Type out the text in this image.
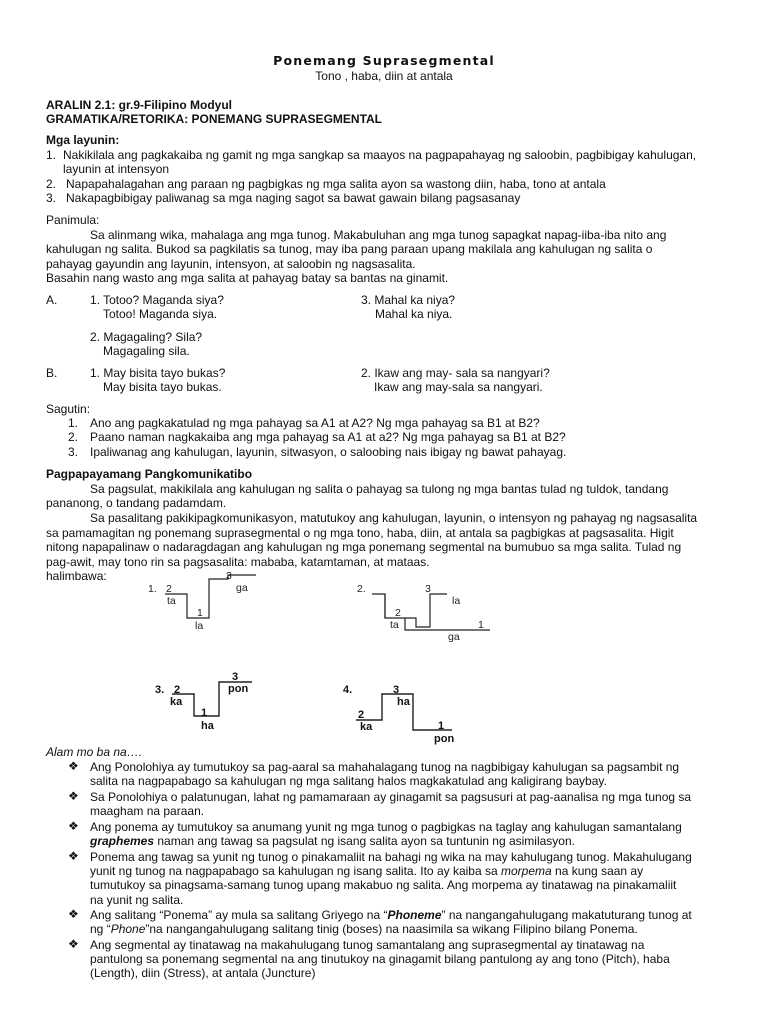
Ponemang Suprasegmental
Tono , haba, diin at antala
ARALIN 2.1: gr.9-Filipino Modyul
GRAMATIKA/RETORIKA: PONEMANG SUPRASEGMENTAL
Mga layunin:
1. Nakikilala ang pagkakaiba ng gamit ng mga sangkap sa maayos na pagpapahayag ng saloobin, pagbibigay kahulugan,
layunin at intensyon
2. Napapahalagahan ang paraan ng pagbigkas ng mga salita ayon sa wastong diin, haba, tono at antala
3. Nakapagbibigay paliwanag sa mga naging sagot sa bawat gawain bilang pagsasanay
Panimula:
Sa alinmang wika, mahalaga ang mga tunog. Makabuluhan ang mga tunog sapagkat napag-iiba-iba nito ang
kahulugan ng salita. Bukod sa pagkilatis sa tunog, may iba pang paraan upang makilala ang kahulugan ng salita o
pahayag gayundin ang layunin, intensyon, at saloobin ng nagsasalita.
Basahin nang wasto ang mga salita at pahayag batay sa bantas na ginamit.
A.	1. Totoo? Maganda siya?
Totoo! Maganda siya.
3. Mahal ka niya?
Mahal ka niya.
2. Magagaling? Sila?
Magagaling sila.
B.	1. May bisita tayo bukas?
May bisita tayo bukas.
2. Ikaw ang may- sala sa nangyari?
Ikaw ang may-sala sa nangyari.
Sagutin:
1. Ano ang pagkakatulad ng mga pahayag sa A1 at A2? Ng mga pahayag sa B1 at B2?
2. Paano naman nagkakaiba ang mga pahayag sa A1 at a2? Ng mga pahayag sa B1 at B2?
3. Ipaliwanag ang kahulugan, layunin, sitwasyon, o saloobing nais ibigay ng bawat pahayag.
Pagpapayamang Pangkomunikatibo
Sa pagsulat, makikilala ang kahulugan ng salita o pahayag sa tulong ng mga bantas tulad ng tuldok, tandang
pananong, o tandang padamdam.
Sa pasalitang pakikipagkomunikasyon, matutukoy ang kahulugan, layunin, o intensyon ng pahayag ng nagsasalita
sa pamamagitan ng ponemang suprasegmental o ng mga tono, haba, diin, at antala sa pagbigkas at pagsasalita. Higit
nitong napapalinaw o nadaragdagan ang kahulugan ng mga ponemang segmental na bumubuo sa mga salita. Tulad ng
pag-awit, may tono rin sa pagsasalita: mababa, katamtaman, at mataas.
halimbawa:
1. 2
ta
1
la
3
ga	2.
2
ta
3
la
1
ga
3. 2
ka
1
ha
3
pon	4.
2
ka
3
ha
1
pon
Alam mo ba na….
❖ Ang Ponolohiya ay tumutukoy sa pag-aaral sa mahahalagang tunog na nagbibigay kahulugan sa pagsambit ng
salita na nagpapabago sa kahulugan ng mga salitang halos magkakatulad ang kaligirang baybay.
❖ Sa Ponolohiya o palatunugan, lahat ng pamamaraan ay ginagamit sa pagsusuri at pag-aanalisa ng mga tunog sa
maagham na paraan.
❖ Ang ponema ay tumutukoy sa anumang yunit ng mga tunog o pagbigkas na taglay ang kahulugan samantalang
graphemes naman ang tawag sa pagsulat ng isang salita ayon sa tuntunin ng asimilasyon.
❖ Ponema ang tawag sa yunit ng tunog o pinakamaliit na bahagi ng wika na may kahulugang tunog. Makahulugang
yunit ng tunog na nagpapabago sa kahulugan ng isang salita. Ito ay kaiba sa morpema na kung saan ay
tumutukoy sa pinagsama-samang tunog upang makabuo ng salita. Ang morpema ay tinatawag na pinakamaliit
na yunit ng salita.
❖ Ang salitang “Ponema” ay mula sa salitang Griyego na “Phoneme” na nangangahulugang makatuturang tunog at
ng “Phone”na nangangahulugang salitang tinig (boses) na naasimila sa wikang Filipino bilang Ponema.
❖ Ang segmental ay tinatawag na makahulugang tunog samantalang ang suprasegmental ay tinatawag na
pantulong sa ponemang segmental na ang tinutukoy na ginagamit bilang pantulong ay ang tono (Pitch), haba
(Length), diin (Stress), at antala (Juncture)
